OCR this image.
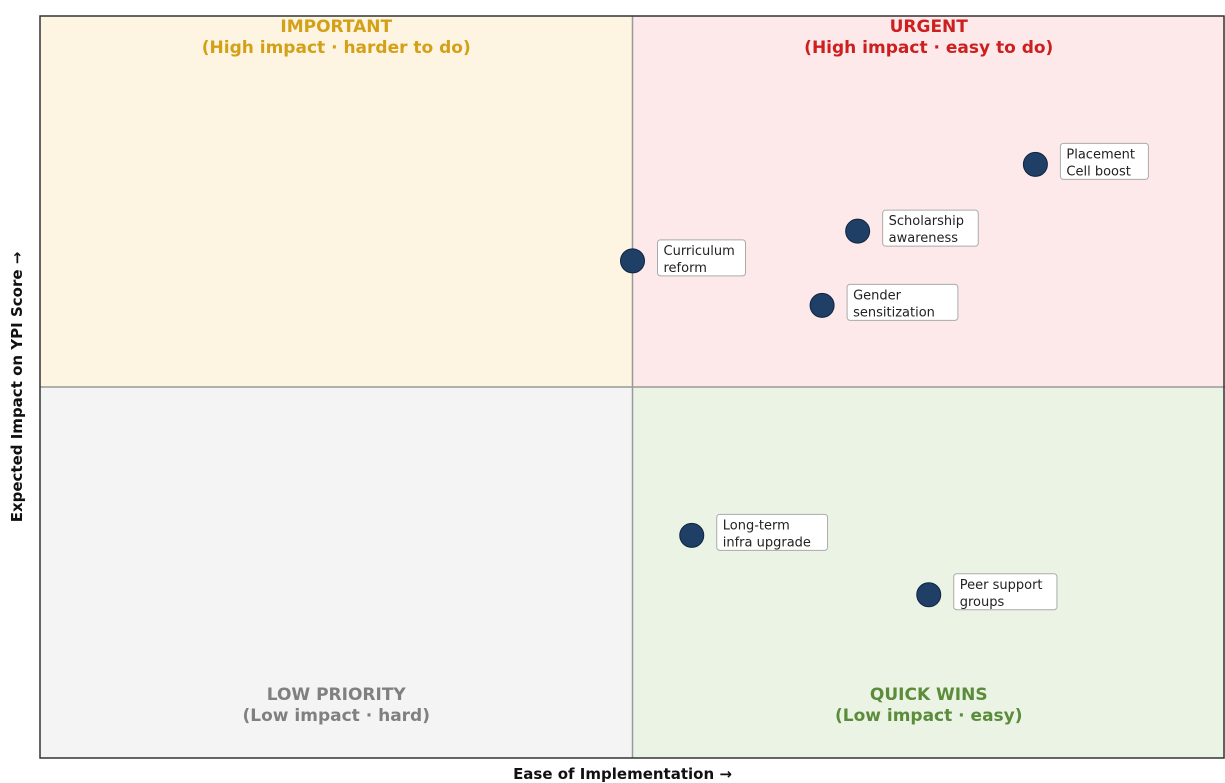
IMPORTANT
(High impact · harder to do)
URGENT
(High impact · easy to do)
LOW PRIORITY
(Low impact · hard)
QUICK WINS
(Low impact · easy)
Gender
sensitization
Curriculum
reform
Placement
Cell boost
Scholarship
awareness
Long-term
infra upgrade
Peer support
groups
Ease of Implementation →
Expected Impact on YPI Score →
